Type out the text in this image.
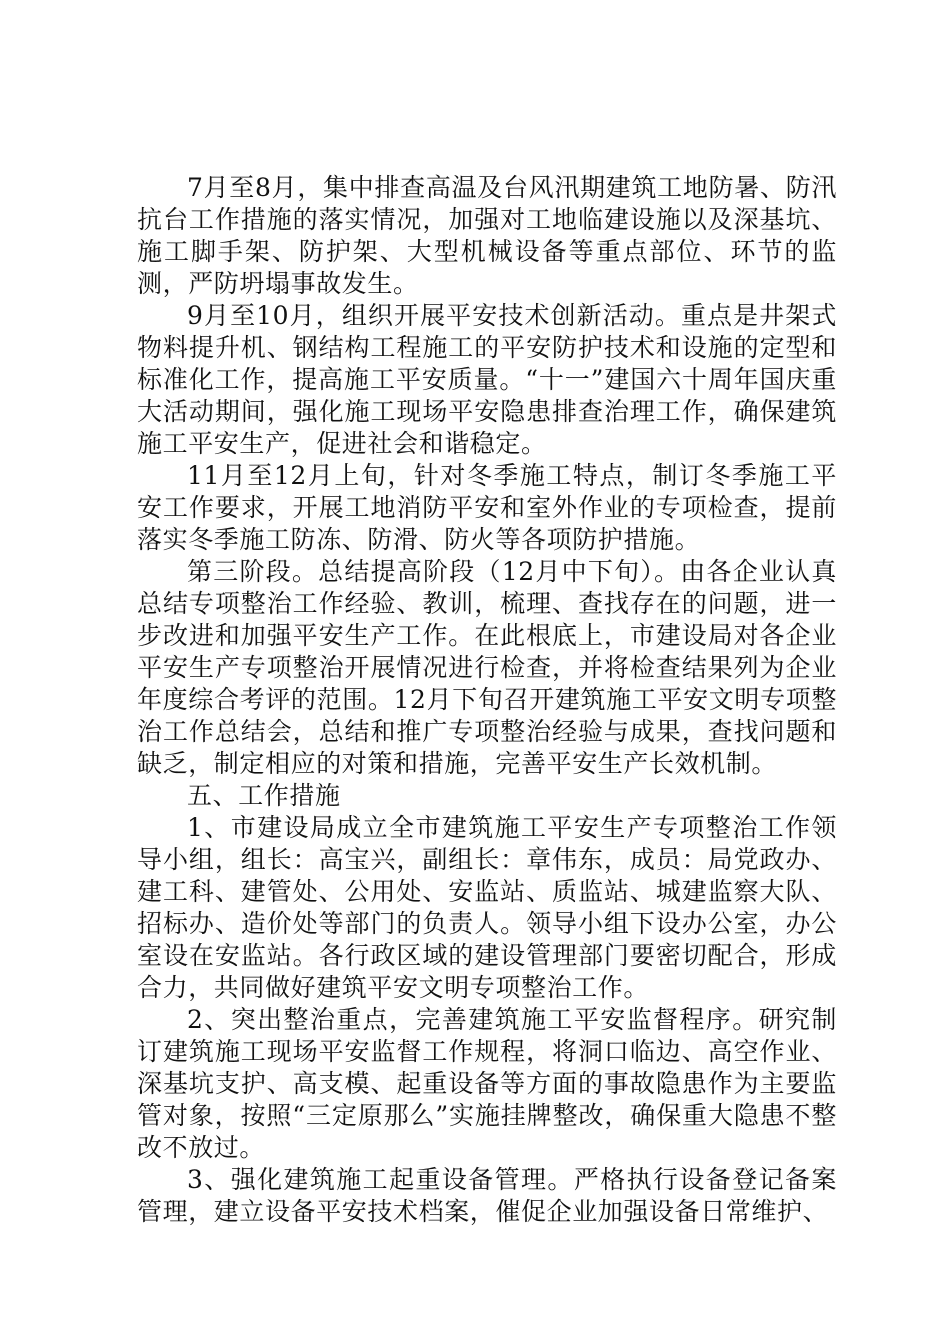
7月至8月，集中排查高温及台风汛期建筑工地防暑、防汛抗台工作措施的落实情况，加强对工地临建设施以及深基坑、施工脚手架、防护架、大型机械设备等重点部位、环节的监测，严防坍塌事故发生。

9月至10月，组织开展平安技术创新活动。重点是井架式物料提升机、钢结构工程施工的平安防护技术和设施的定型和标准化工作，提高施工平安质量。“十一”建国六十周年国庆重大活动期间，强化施工现场平安隐患排查治理工作，确保建筑施工平安生产，促进社会和谐稳定。

11月至12月上旬，针对冬季施工特点，制订冬季施工平安工作要求，开展工地消防平安和室外作业的专项检查，提前落实冬季施工防冻、防滑、防火等各项防护措施。

第三阶段。总结提高阶段（12月中下旬）。由各企业认真总结专项整治工作经验、教训，梳理、查找存在的问题，进一步改进和加强平安生产工作。在此根底上，市建设局对各企业平安生产专项整治开展情况进行检查，并将检查结果列为企业年度综合考评的范围。12月下旬召开建筑施工平安文明专项整治工作总结会，总结和推广专项整治经验与成果，查找问题和缺乏，制定相应的对策和措施，完善平安生产长效机制。

五、工作措施

1、市建设局成立全市建筑施工平安生产专项整治工作领导小组，组长：高宝兴，副组长：章伟东，成员：局党政办、建工科、建管处、公用处、安监站、质监站、城建监察大队、招标办、造价处等部门的负责人。领导小组下设办公室，办公室设在安监站。各行政区域的建设管理部门要密切配合，形成合力，共同做好建筑平安文明专项整治工作。

2、突出整治重点，完善建筑施工平安监督程序。研究制订建筑施工现场平安监督工作规程，将洞口临边、高空作业、深基坑支护、高支模、起重设备等方面的事故隐患作为主要监管对象，按照“三定原那么”实施挂牌整改，确保重大隐患不整改不放过。

3、强化建筑施工起重设备管理。严格执行设备登记备案管理，建立设备平安技术档案，催促企业加强设备日常维护、
